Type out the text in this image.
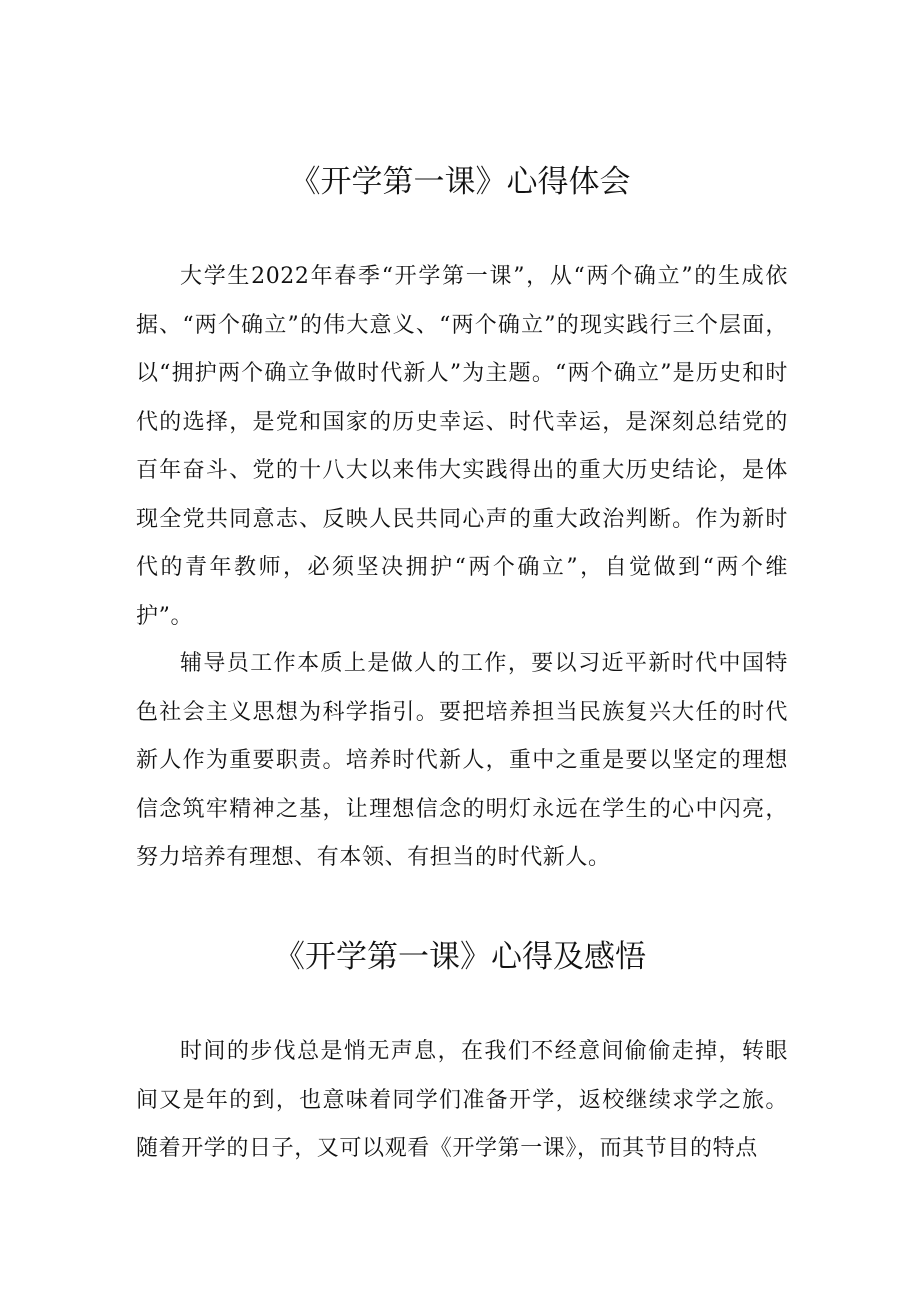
《开学第一课》心得体会

大学生2022年春季“开学第一课”，从“两个确立”的生成依据、“两个确立”的伟大意义、“两个确立”的现实践行三个层面，以“拥护两个确立争做时代新人”为主题。“两个确立”是历史和时代的选择，是党和国家的历史幸运、时代幸运，是深刻总结党的百年奋斗、党的十八大以来伟大实践得出的重大历史结论，是体现全党共同意志、反映人民共同心声的重大政治判断。作为新时代的青年教师，必须坚决拥护“两个确立”，自觉做到“两个维护”。

辅导员工作本质上是做人的工作，要以习近平新时代中国特色社会主义思想为科学指引。要把培养担当民族复兴大任的时代新人作为重要职责。培养时代新人，重中之重是要以坚定的理想信念筑牢精神之基，让理想信念的明灯永远在学生的心中闪亮，努力培养有理想、有本领、有担当的时代新人。

《开学第一课》心得及感悟

时间的步伐总是悄无声息，在我们不经意间偷偷走掉，转眼间又是年的到，也意味着同学们准备开学，返校继续求学之旅。随着开学的日子，又可以观看《开学第一课》，而其节目的特点
